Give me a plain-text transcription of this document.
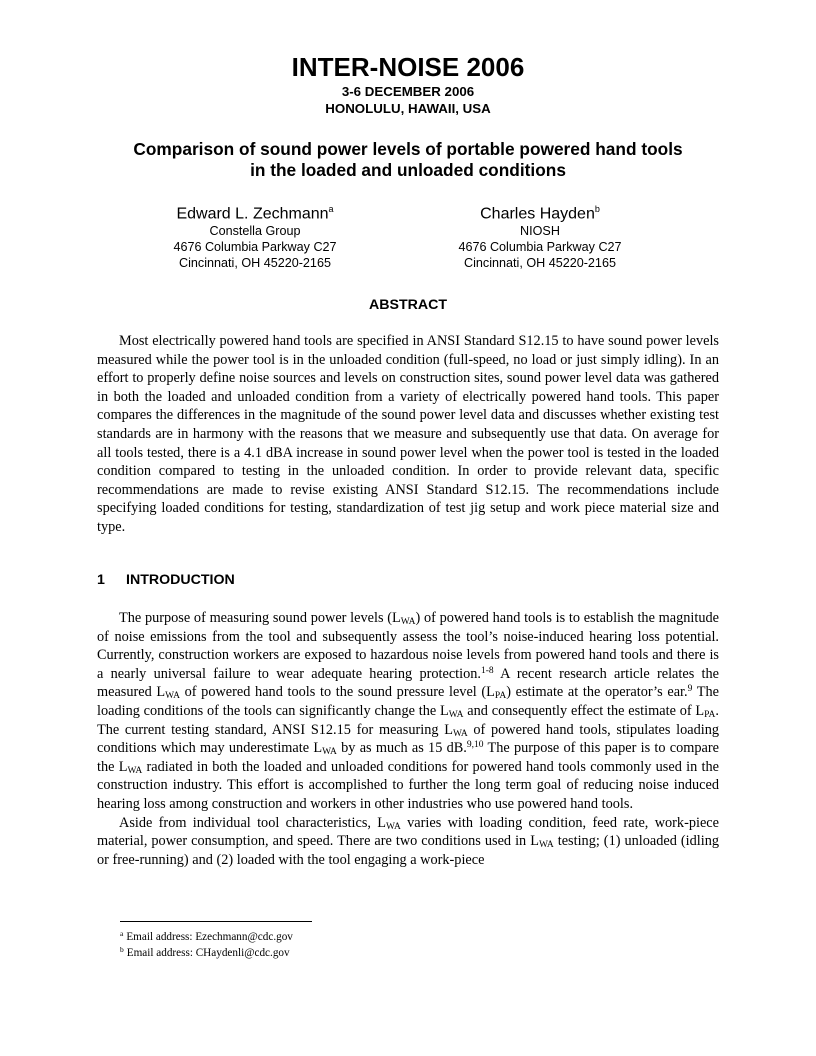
INTER-NOISE 2006
3-6 DECEMBER 2006
HONOLULU, HAWAII, USA
Comparison of sound power levels of portable powered hand tools
in the loaded and unloaded conditions
Edward L. Zechmann$^a$
Constella Group
4676 Columbia Parkway C27
Cincinnati, OH 45220-2165
Charles Hayden$^b$
NIOSH
4676 Columbia Parkway C27
Cincinnati, OH 45220-2165
ABSTRACT

Most electrically powered hand tools are specified in ANSI Standard S12.15 to have sound power levels measured while the power tool is in the unloaded condition (full-speed, no load or just simply idling). In an effort to properly define noise sources and levels on construction sites, sound power level data was gathered in both the loaded and unloaded condition from a variety of electrically powered hand tools. This paper compares the differences in the magnitude of the sound power level data and discusses whether existing test standards are in harmony with the reasons that we measure and subsequently use that data. On average for all tools tested, there is a 4.1 dBA increase in sound power level when the power tool is tested in the loaded condition compared to testing in the unloaded condition. In order to provide relevant data, specific recommendations are made to revise existing ANSI Standard S12.15. The recommendations include specifying loaded conditions for testing, standardization of test jig setup and work piece material size and type.

1 INTRODUCTION

The purpose of measuring sound power levels $(L_{WA})$ of powered hand tools is to establish the magnitude of noise emissions from the tool and subsequently assess the tool’s noise-induced hearing loss potential. Currently, construction workers are exposed to hazardous noise levels from powered hand tools and there is a nearly universal failure to wear adequate hearing protection.$^{1-8}$ A recent research article relates the measured $L_{WA}$ of powered hand tools to the sound pressure level $(L_{PA})$ estimate at the operator’s ear.$^9$ The loading conditions of the tools can significantly change the $L_{WA}$ and consequently effect the estimate of $L_{PA}$. The current testing standard, ANSI S12.15 for measuring $L_{WA}$ of powered hand tools, stipulates loading conditions which may underestimate $L_{WA}$ by as much as 15 dB.$^{9,10}$ The purpose of this paper is to compare the $L_{WA}$ radiated in both the loaded and unloaded conditions for powered hand tools commonly used in the construction industry. This effort is accomplished to further the long term goal of reducing noise induced hearing loss among construction and workers in other industries who use powered hand tools.

Aside from individual tool characteristics, $L_{WA}$ varies with loading condition, feed rate, work-piece material, power consumption, and speed. There are two conditions used in $L_{WA}$ testing; (1) unloaded (idling or free-running) and (2) loaded with the tool engaging a work-piece

$^a$ Email address: Ezechmann@cdc.gov
$^b$ Email address: CHaydenli@cdc.gov
